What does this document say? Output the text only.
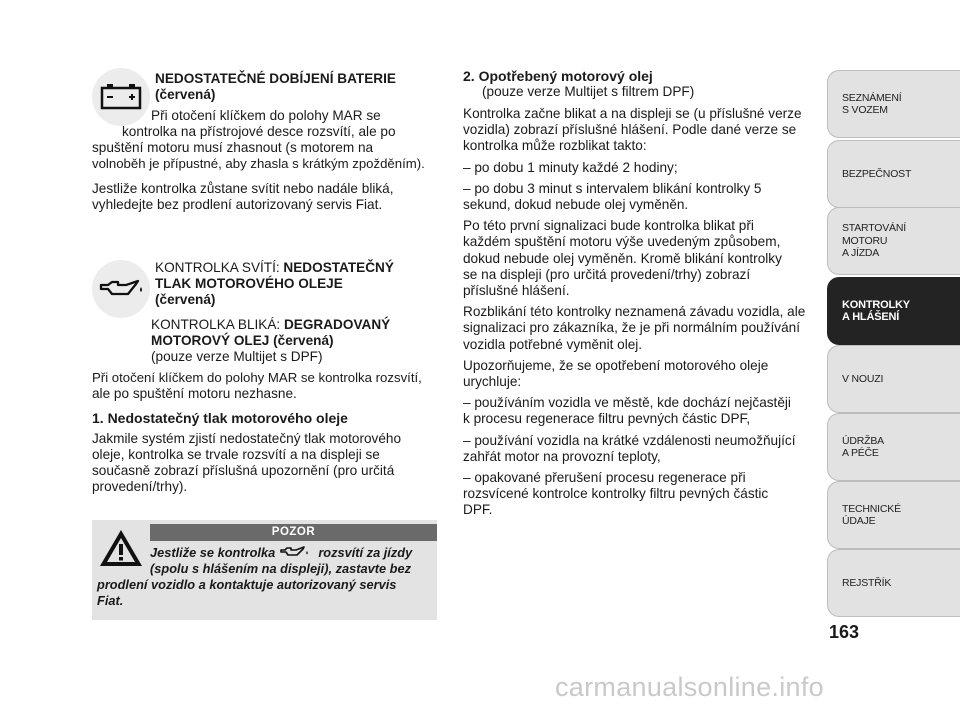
NEDOSTATEČNÉ DOBÍJENÍ BATERIE

(červená)

Při otočení klíčkem do polohy MAR se

kontrolka na přístrojové desce rozsvítí, ale po

spuštění motoru musí zhasnout (s motorem na

volnoběh je přípustné, aby zhasla s krátkým zpožděním).

Jestliže kontrolka zůstane svítit nebo nadále bliká,

vyhledejte bez prodlení autorizovaný servis Fiat.

KONTROLKA SVÍTÍ: NEDOSTATEČNÝ

TLAK MOTOROVÉHO OLEJE

(červená)

KONTROLKA BLIKÁ: DEGRADOVANÝ

MOTOROVÝ OLEJ (červená)

(pouze verze Multijet s DPF)

Při otočení klíčkem do polohy MAR se kontrolka rozsvítí,

ale po spuštění motoru nezhasne.

1. Nedostatečný tlak motorového oleje

Jakmile systém zjistí nedostatečný tlak motorového

oleje, kontrolka se trvale rozsvítí a na displeji se

současně zobrazí příslušná upozornění (pro určitá

provedení/trhy).

POZOR

Jestliže se kontrolka	rozsvítí za jízdy

(spolu s hlášením na displeji), zastavte bez

prodlení vozidlo a kontaktuje autorizovaný servis

Fiat.

2. Opotřebený motorový olej

(pouze verze Multijet s filtrem DPF)

Kontrolka začne blikat a na displeji se (u příslušné verze

vozidla) zobrazí příslušné hlášení. Podle dané verze se

kontrolka může rozblikat takto:

– po dobu 1 minuty každé 2 hodiny;

– po dobu 3 minut s intervalem blikání kontrolky 5

sekund, dokud nebude olej vyměněn.

Po této první signalizaci bude kontrolka blikat při

každém spuštění motoru výše uvedeným způsobem,

dokud nebude olej vyměněn. Kromě blikání kontrolky

se na displeji (pro určitá provedení/trhy) zobrazí

příslušné hlášení.

Rozblikání této kontrolky neznamená závadu vozidla, ale

signalizaci pro zákazníka, že je při normálním používání

vozidla potřebné vyměnit olej.

Upozorňujeme, že se opotřebení motorového oleje

urychluje:

– používáním vozidla ve městě, kde dochází nejčastěji

k procesu regenerace filtru pevných částic DPF,

– používání vozidla na krátké vzdálenosti neumožňující

zahřát motor na provozní teploty,

– opakované přerušení procesu regenerace při

rozsvícené kontrolce kontrolky filtru pevných částic

DPF.

SEZNÁMENÍ
S VOZEM
BEZPEČNOST
STARTOVÁNÍ
MOTORU
A JÍZDA
KONTROLKY
A HLÁŠENÍ
V NOUZI
ÚDRŽBA
A PÉČE
TECHNICKÉ
ÚDAJE
REJSTŘÍK
163
carmanualsonline.info
